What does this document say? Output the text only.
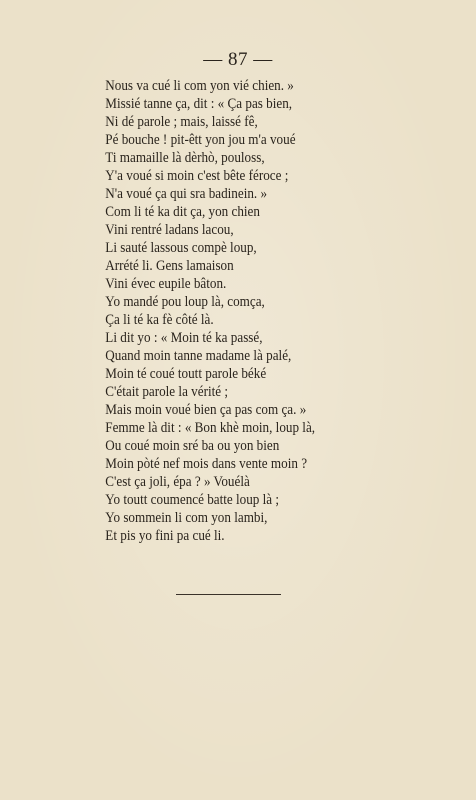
— 87 —
Nous va cué li com yon vié chien. »
Missié tanne ça, dit : « Ça pas bien,
Ni dé parole ; mais, laissé fê,
Pé bouche ! pit-êtt yon jou m'a voué
Ti mamaille là dèrhò, pouloss,
Y'a voué si moin c'est bête féroce ;
N'a voué ça qui sra badinein. »
Com li té ka dit ça, yon chien
Vini rentré ladans lacou,
Li sauté lassous compè loup,
Arrété li. Gens lamaison
Vini évec eupile bâton.
Yo mandé pou loup là, comça,
Ça li té ka fè côté là.
Li dit yo : « Moin té ka passé,
Quand moin tanne madame là palé,
Moin té coué toutt parole béké
C'était parole la vérité ;
Mais moin voué bien ça pas com ça. »
Femme là dit : « Bon khè moin, loup là,
Ou coué moin sré ba ou yon bien
Moin pòté nef mois dans vente moin ?
C'est ça joli, épa ? » Vouélà
Yo toutt coumencé batte loup là ;
Yo sommein li com yon lambi,
Et pis yo fini pa cué li.
